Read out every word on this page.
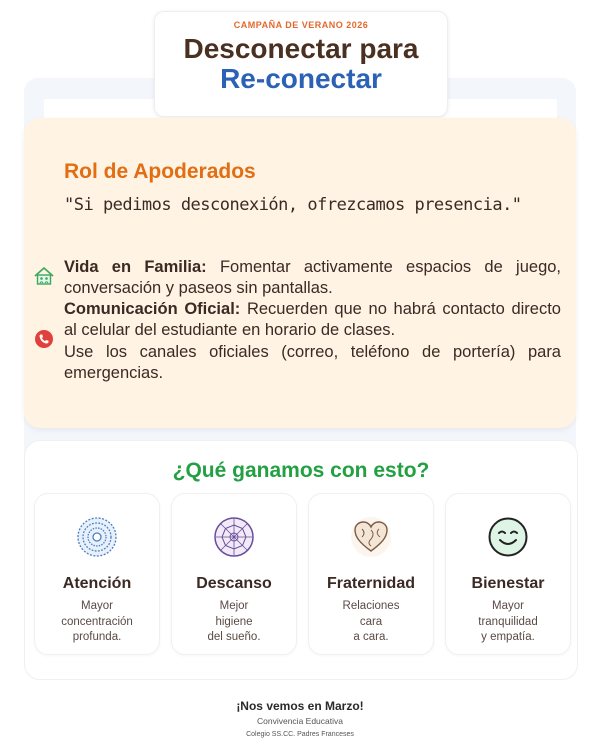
CAMPAÑA DE VERANO 2026
Desconectar para
Re-conectar
Rol de Apoderados
"Si pedimos desconexión, ofrezcamos presencia."
Vida en Familia: Fomentar activamente espacios de juego, conversación y paseos sin pantallas.
Comunicación Oficial: Recuerden que no habrá contacto directo al celular del estudiante en horario de clases.
Use los canales oficiales (correo, teléfono de portería) para emergencias.
¿Qué ganamos con esto?
Atención
Mayor
concentración
profunda.
Descanso
Mejor
higiene
del sueño.
Fraternidad
Relaciones
cara
a cara.
Bienestar
Mayor
tranquilidad
y empatía.
¡Nos vemos en Marzo!
Convivencia Educativa
Colegio SS.CC. Padres Franceses
